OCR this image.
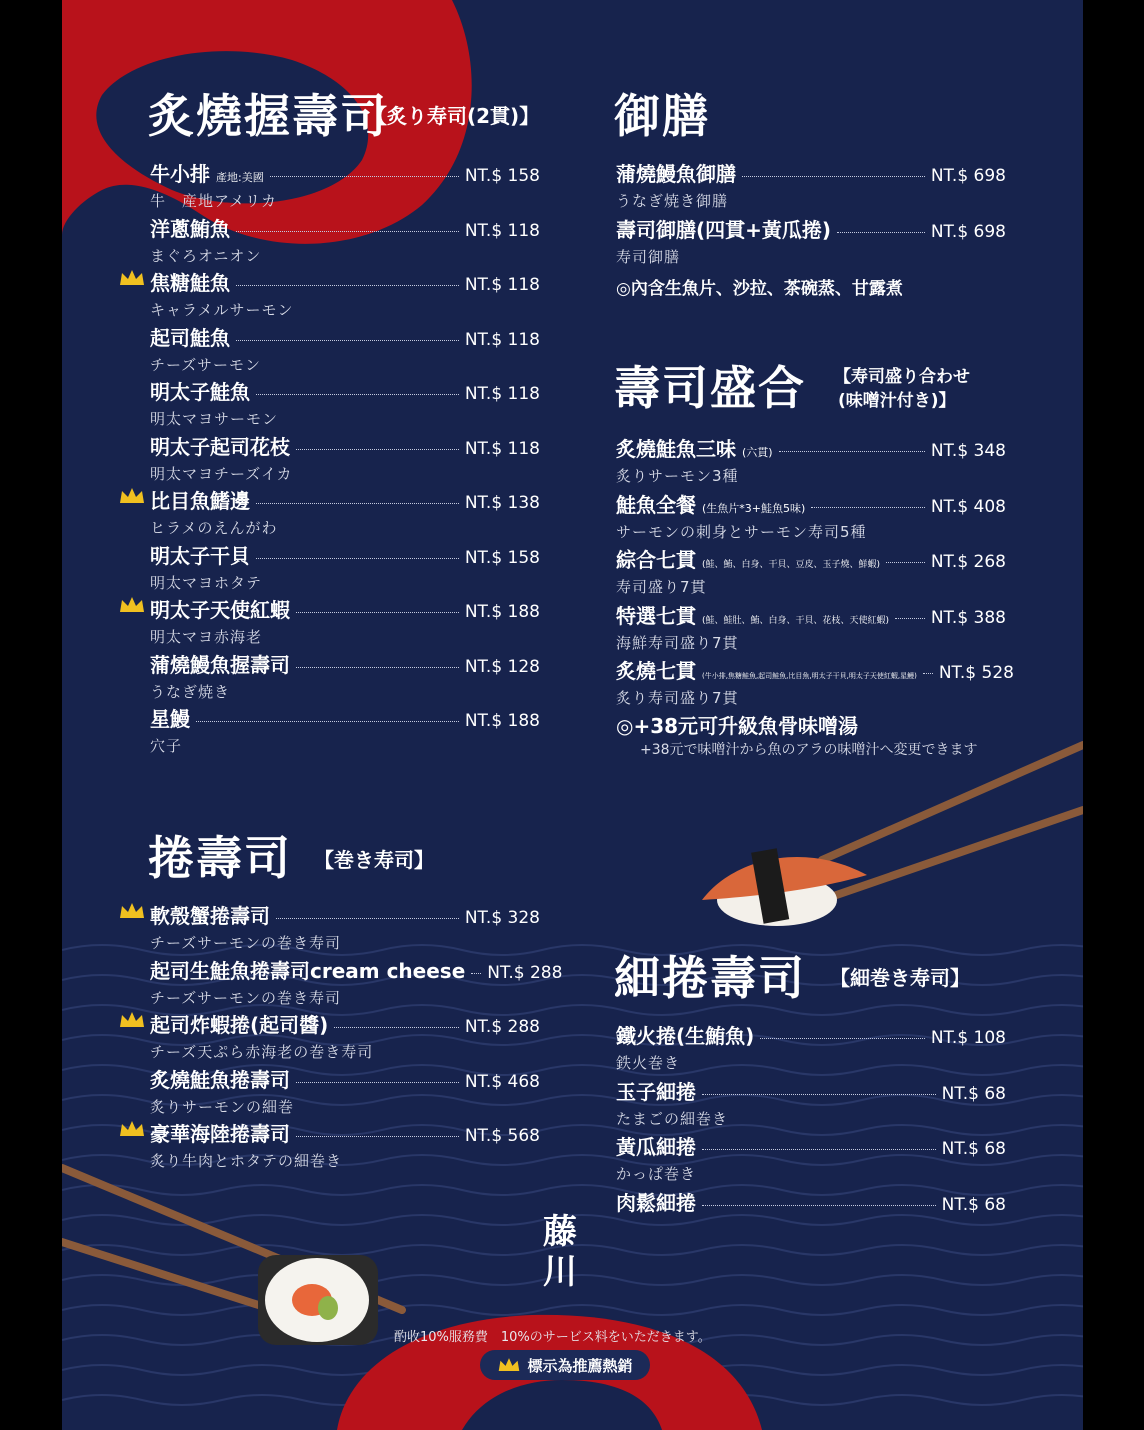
炙燒握壽司
【炙り寿司(2貫)】
牛小排 產地:美國	NT.$ 158
牛　産地アメリカ
洋蔥鮪魚	NT.$ 118
まぐろオニオン
焦糖鮭魚	NT.$ 118
キャラメルサーモン
起司鮭魚	NT.$ 118
チーズサーモン
明太子鮭魚	NT.$ 118
明太マヨサーモン
明太子起司花枝	NT.$ 118
明太マヨチーズイカ
比目魚鰭邊	NT.$ 138
ヒラメのえんがわ
明太子干貝	NT.$ 158
明太マヨホタテ
明太子天使紅蝦	NT.$ 188
明太マヨ赤海老
蒲燒鰻魚握壽司	NT.$ 128
うなぎ焼き
星鰻	NT.$ 188
穴子
御膳
蒲燒鰻魚御膳	NT.$ 698
うなぎ焼き御膳
壽司御膳(四貫+黃瓜捲)	NT.$ 698
寿司御膳
◎內含生魚片、沙拉、茶碗蒸、甘露煮
壽司盛合 【寿司盛り合わせ
(味噌汁付き)】
炙燒鮭魚三味 (六貫)	NT.$ 348
炙りサーモン3種
鮭魚全餐 (生魚片*3+鮭魚5味)	NT.$ 408
サーモンの刺身とサーモン寿司5種
綜合七貫 (鮭、鮪、白身、干貝、豆皮、玉子燒、鮮蝦)	NT.$ 268
寿司盛り7貫
特選七貫 (鮭、鮭肚、鮪、白身、干貝、花枝、天使紅蝦) NT.$ 388
海鮮寿司盛り7貫
炙燒七貫 (牛小排,焦糖鮭魚,起司鮭魚,比目魚,明太子干貝,明太子天使紅蝦,星鰻) NT.$ 528
炙り寿司盛り7貫
◎+38元可升級魚骨味噌湯
+38元で味噌汁から魚のアラの味噌汁へ変更できます
捲壽司 【巻き寿司】
軟殼蟹捲壽司	NT.$ 328
チーズサーモンの巻き寿司
起司生鮭魚捲壽司cream cheese NT.$ 288
チーズサーモンの巻き寿司
起司炸蝦捲(起司醬)	NT.$ 288
チーズ天ぷら赤海老の巻き寿司
炙燒鮭魚捲壽司	NT.$ 468
炙りサーモンの細巻
豪華海陸捲壽司	NT.$ 568
炙り牛肉とホタテの細巻き
細捲壽司 【細巻き寿司】
鐵火捲(生鮪魚)	NT.$ 108
鉄火巻き
玉子細捲	NT.$ 68
たまごの細巻き
黃瓜細捲	NT.$ 68
かっぱ巻き
肉鬆細捲	NT.$ 68
藤川
酌收10%服務費　10%のサービス料をいただきます。
標示為推薦熱銷
